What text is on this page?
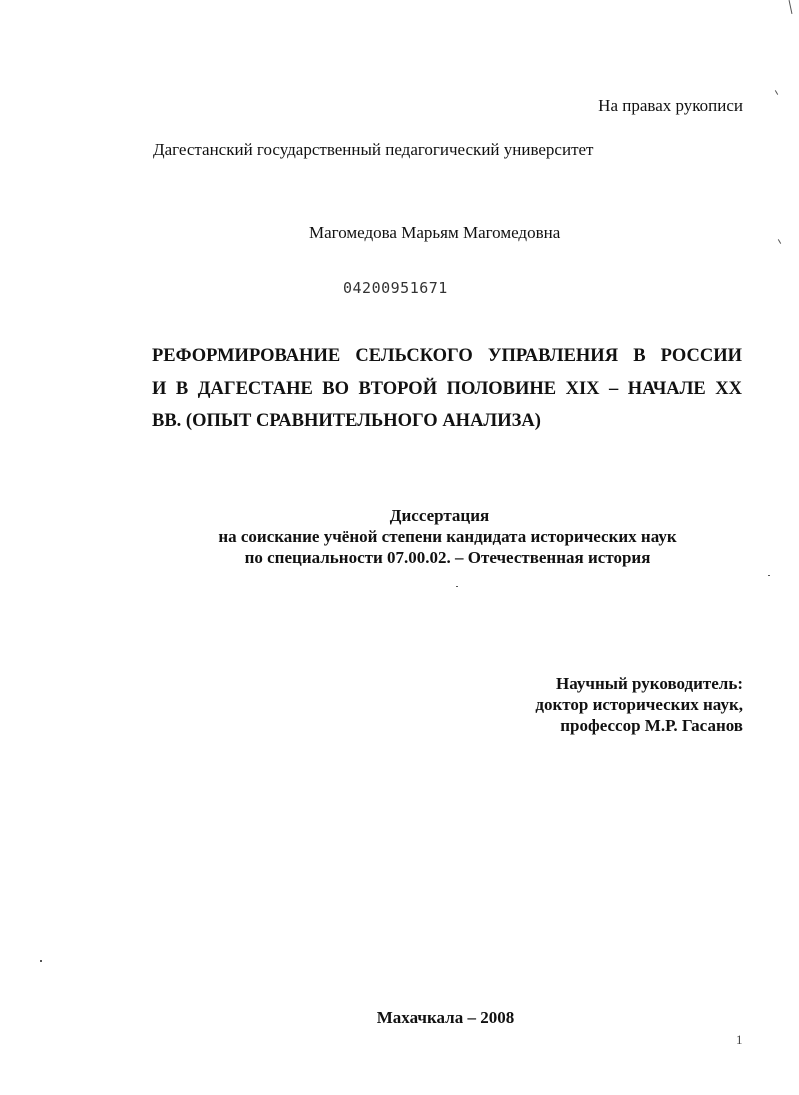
На правах рукописи
Дагестанский государственный педагогический университет
Магомедова Марьям Магомедовна
04200951671
РЕФОРМИРОВАНИЕ СЕЛЬСКОГО УПРАВЛЕНИЯ В РОССИИ
И В ДАГЕСТАНЕ ВО ВТОРОЙ ПОЛОВИНЕ XIX – НАЧАЛЕ XX
ВВ. (ОПЫТ СРАВНИТЕЛЬНОГО АНАЛИЗА)
Диссертация
на соискание учёной степени кандидата исторических наук
по специальности 07.00.02. – Отечественная история
Научный руководитель:
доктор исторических наук,
профессор М.Р. Гасанов
Махачкала – 2008
1
